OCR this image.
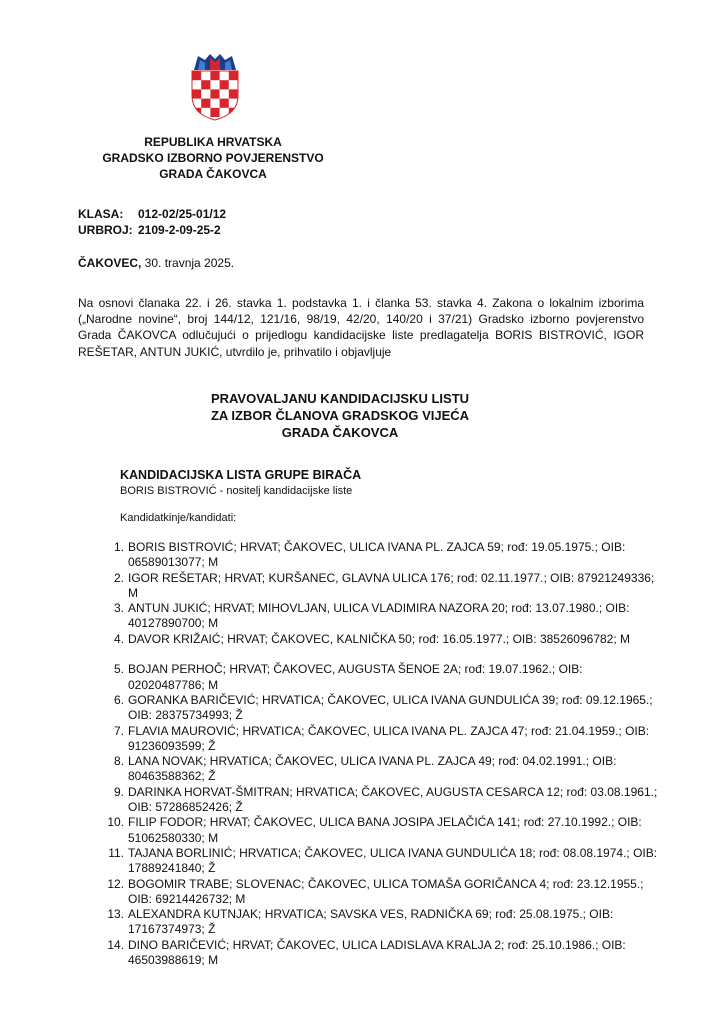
REPUBLIKA HRVATSKA
GRADSKO IZBORNO POVJERENSTVO
GRADA ČAKOVCA
KLASA:	012-02/25-01/12
URBROJ: 2109-2-09-25-2
ČAKOVEC, 30. travnja 2025.
Na osnovi članaka 22. i 26. stavka 1. podstavka 1. i članka 53. stavka 4. Zakona o lokalnim izborima („Narodne novine“, broj 144/12, 121/16, 98/19, 42/20, 140/20 i 37/21) Gradsko izborno povjerenstvo Grada ČAKOVCA odlučujući o prijedlogu kandidacijske liste predlagatelja BORIS BISTROVIĆ, IGOR REŠETAR, ANTUN JUKIĆ, utvrdilo je, prihvatilo i objavljuje
PRAVOVALJANU KANDIDACIJSKU LISTU
ZA IZBOR ČLANOVA GRADSKOG VIJEĆA
GRADA ČAKOVCA
KANDIDACIJSKA LISTA GRUPE BIRAČA
BORIS BISTROVIĆ - nositelj kandidacijske liste
Kandidatkinje/kandidati:
1. BORIS BISTROVIĆ; HRVAT; ČAKOVEC, ULICA IVANA PL. ZAJCA 59; rođ: 19.05.1975.; OIB: 06589013077; M
2. IGOR REŠETAR; HRVAT; KURŠANEC, GLAVNA ULICA 176; rođ: 02.11.1977.; OIB: 87921249336; M
3. ANTUN JUKIĆ; HRVAT; MIHOVLJAN, ULICA VLADIMIRA NAZORA 20; rođ: 13.07.1980.; OIB: 40127890700; M
4. DAVOR KRIŽAIĆ; HRVAT; ČAKOVEC, KALNIČKA 50; rođ: 16.05.1977.; OIB: 38526096782; M
5. BOJAN PERHOČ; HRVAT; ČAKOVEC, AUGUSTA ŠENOE 2A; rođ: 19.07.1962.; OIB: 02020487786; M
6. GORANKA BARIČEVIĆ; HRVATICA; ČAKOVEC, ULICA IVANA GUNDULIĆA 39; rođ: 09.12.1965.; OIB: 28375734993; Ž
7. FLAVIA MAUROVIĆ; HRVATICA; ČAKOVEC, ULICA IVANA PL. ZAJCA 47; rođ: 21.04.1959.; OIB: 91236093599; Ž
8. LANA NOVAK; HRVATICA; ČAKOVEC, ULICA IVANA PL. ZAJCA 49; rođ: 04.02.1991.; OIB: 80463588362; Ž
9. DARINKA HORVAT-ŠMITRAN; HRVATICA; ČAKOVEC, AUGUSTA CESARCA 12; rođ: 03.08.1961.; OIB: 57286852426; Ž
10. FILIP FODOR; HRVAT; ČAKOVEC, ULICA BANA JOSIPA JELAČIĆA 141; rođ: 27.10.1992.; OIB: 51062580330; M
11. TAJANA BORLINIĆ; HRVATICA; ČAKOVEC, ULICA IVANA GUNDULIĆA 18; rođ: 08.08.1974.; OIB: 17889241840; Ž
12. BOGOMIR TRABE; SLOVENAC; ČAKOVEC, ULICA TOMAŠA GORIČANCA 4; rođ: 23.12.1955.; OIB: 69214426732; M
13. ALEXANDRA KUTNJAK; HRVATICA; SAVSKA VES, RADNIČKA 69; rođ: 25.08.1975.; OIB: 17167374973; Ž
14. DINO BARIČEVIĆ; HRVAT; ČAKOVEC, ULICA LADISLAVA KRALJA 2; rođ: 25.10.1986.; OIB: 46503988619; M
